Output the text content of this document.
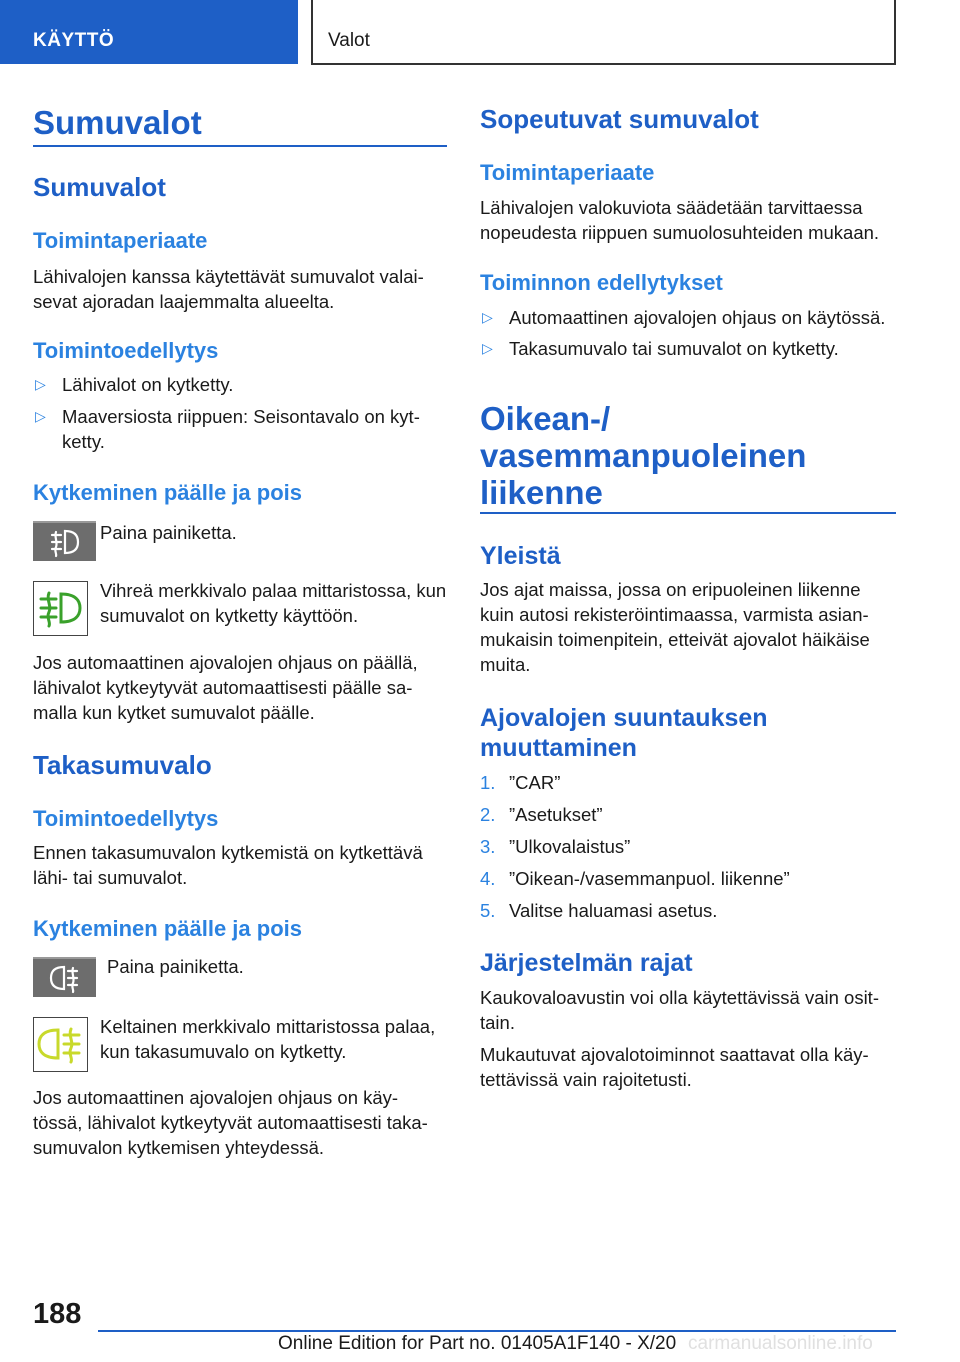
KÄYTTÖ	Valot
Sumuvalot
Sumuvalot
Toimintaperiaate
Lähivalojen kanssa käytettävät sumuvalot valai‐ sevat ajoradan laajemmalta alueelta.
Toimintoedellytys
▷ Lähivalot on kytketty.
▷ Maaversiosta riippuen: Seisontavalo on kyt‐ ketty.
Kytkeminen päälle ja pois
Paina painiketta.
Vihreä merkkivalo palaa mittaristossa, kun sumuvalot on kytketty käyttöön.
Jos automaattinen ajovalojen ohjaus on päällä, lähivalot kytkeytyvät automaattisesti päälle sa‐ malla kun kytket sumuvalot päälle.
Takasumuvalo
Toimintoedellytys
Ennen takasumuvalon kytkemistä on kytkettävä lähi- tai sumuvalot.
Kytkeminen päälle ja pois
Paina painiketta.
Keltainen merkkivalo mittaristossa palaa, kun takasumuvalo on kytketty.
Jos automaattinen ajovalojen ohjaus on käy‐ tössä, lähivalot kytkeytyvät automaattisesti taka‐ sumuvalon kytkemisen yhteydessä.
Sopeutuvat sumuvalot
Toimintaperiaate
Lähivalojen valokuviota säädetään tarvittaessa nopeudesta riippuen sumuolosuhteiden mukaan.
Toiminnon edellytykset
▷ Automaattinen ajovalojen ohjaus on käytössä.
▷ Takasumuvalo tai sumuvalot on kytketty.
Oikean-/ vasemmanpuoleinen liikenne
Yleistä
Jos ajat maissa, jossa on eripuoleinen liikenne kuin autosi rekisteröintimaassa, varmista asian‐ mukaisin toimenpitein, etteivät ajovalot häikäise muita.
Ajovalojen suuntauksen muuttaminen
1. ”CAR”
2. ”Asetukset”
3. ”Ulkovalaistus”
4. ”Oikean-/vasemmanpuol. liikenne”
5. Valitse haluamasi asetus.
Järjestelmän rajat
Kaukovaloavustin voi olla käytettävissä vain osit‐ tain.
Mukautuvat ajovalotoiminnot saattavat olla käy‐ tettävissä vain rajoitetusti.
188
Online Edition for Part no. 01405A1F140 - X/20 carmanualsonline.info
